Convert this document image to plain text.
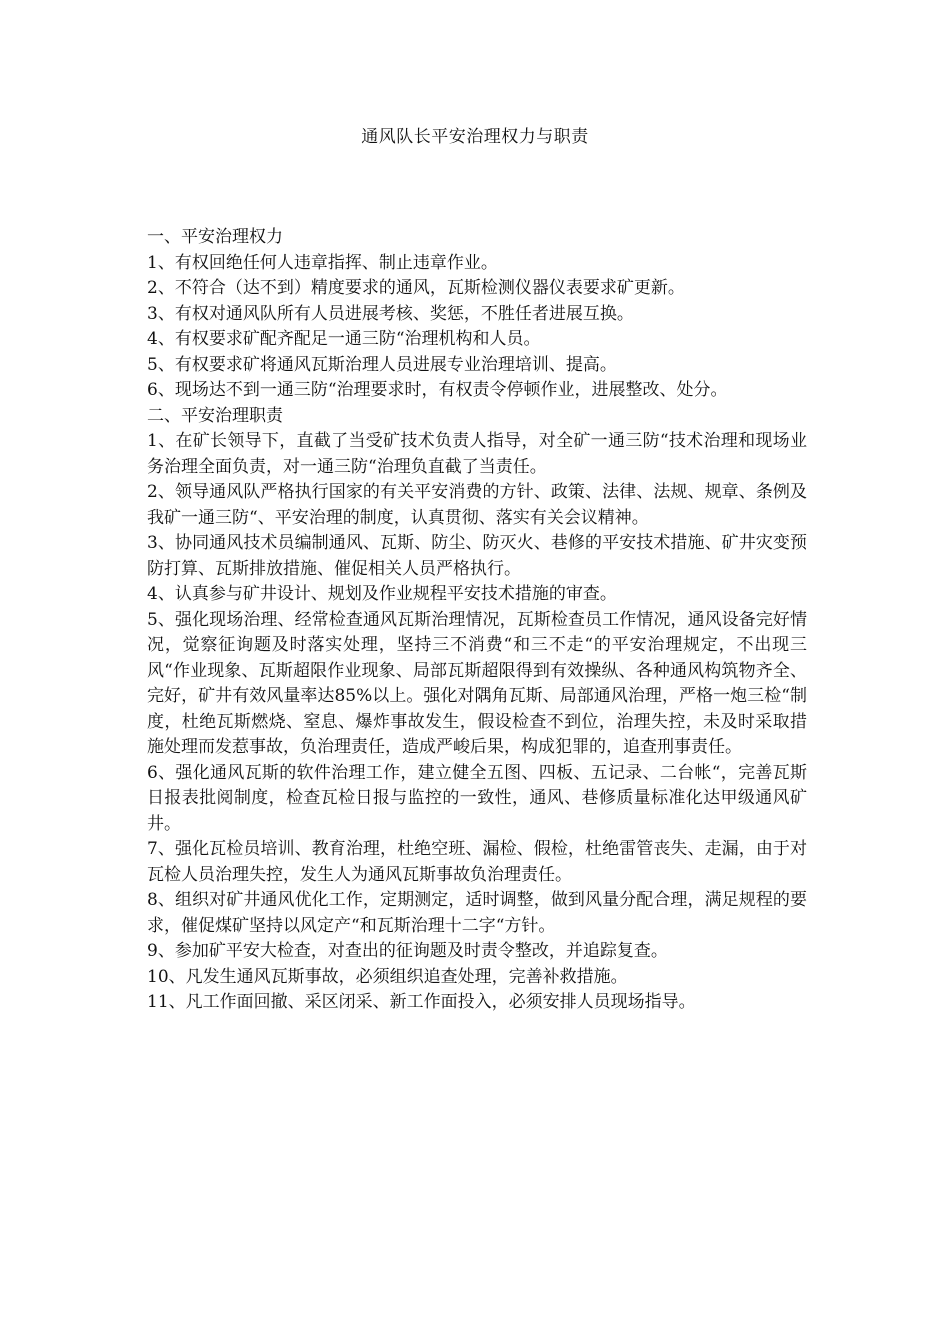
通风队长平安治理权力与职责

一、平安治理权力

1、有权回绝任何人违章指挥、制止违章作业。

2、不符合（达不到）精度要求的通风，瓦斯检测仪器仪表要求矿更新。

3、有权对通风队所有人员进展考核、奖惩，不胜任者进展互换。

4、有权要求矿配齐配足一通三防“治理机构和人员。

5、有权要求矿将通风瓦斯治理人员进展专业治理培训、提高。

6、现场达不到一通三防“治理要求时，有权责令停顿作业，进展整改、处分。

二、平安治理职责

1、在矿长领导下，直截了当受矿技术负责人指导，对全矿一通三防“技术治理和现场业务治理全面负责，对一通三防“治理负直截了当责任。

2、领导通风队严格执行国家的有关平安消费的方针、政策、法律、法规、规章、条例及我矿一通三防“、平安治理的制度，认真贯彻、落实有关会议精神。

3、协同通风技术员编制通风、瓦斯、防尘、防灭火、巷修的平安技术措施、矿井灾变预防打算、瓦斯排放措施、催促相关人员严格执行。

4、认真参与矿井设计、规划及作业规程平安技术措施的审查。

5、强化现场治理、经常检查通风瓦斯治理情况，瓦斯检查员工作情况，通风设备完好情况，觉察征询题及时落实处理，坚持三不消费“和三不走“的平安治理规定，不出现三风“作业现象、瓦斯超限作业现象、局部瓦斯超限得到有效操纵、各种通风构筑物齐全、完好，矿井有效风量率达85%以上。强化对隅角瓦斯、局部通风治理，严格一炮三检“制度，杜绝瓦斯燃烧、窒息、爆炸事故发生，假设检查不到位，治理失控，未及时采取措施处理而发惹事故，负治理责任，造成严峻后果，构成犯罪的，追查刑事责任。

6、强化通风瓦斯的软件治理工作，建立健全五图、四板、五记录、二台帐“，完善瓦斯日报表批阅制度，检查瓦检日报与监控的一致性，通风、巷修质量标准化达甲级通风矿井。

7、强化瓦检员培训、教育治理，杜绝空班、漏检、假检，杜绝雷管丧失、走漏，由于对瓦检人员治理失控，发生人为通风瓦斯事故负治理责任。

8、组织对矿井通风优化工作，定期测定，适时调整，做到风量分配合理，满足规程的要求，催促煤矿坚持以风定产“和瓦斯治理十二字“方针。

9、参加矿平安大检查，对查出的征询题及时责令整改，并追踪复查。

10、凡发生通风瓦斯事故，必须组织追查处理，完善补救措施。

11、凡工作面回撤、采区闭采、新工作面投入，必须安排人员现场指导。
